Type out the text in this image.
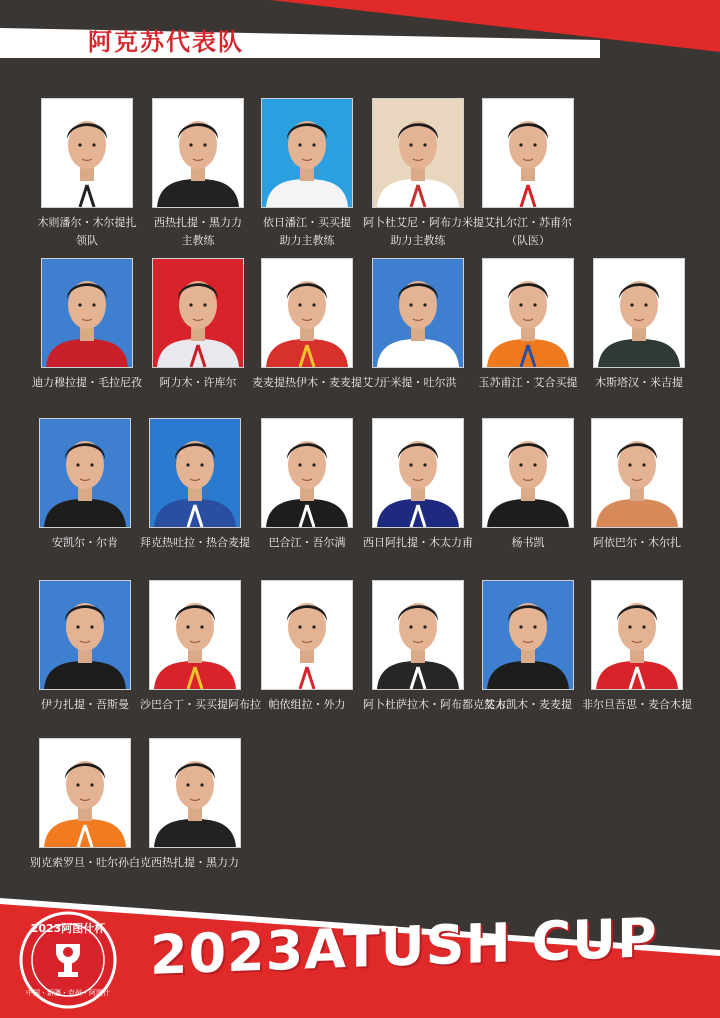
阿克苏代表队
木则潘尔・木尔提扎
领队
西热扎提・黑力力
主教练
依日潘江・买买提
助力主教练
阿卜杜艾尼・阿布力米提
助力主教练
艾扎尔江・苏甫尔
（队医）
迪力穆拉提・毛拉尼孜	阿力木・许库尔	麦麦提热伊木・麦麦提艾力
于米提・吐尔洪	玉苏甫江・艾合买提	木斯塔汉・米吉提
安凯尔・尔肯	拜克热吐拉・热合麦提	巴合江・吾尔满	西日阿扎提・木太力甫	杨书凯	阿依巴尔・木尔扎
伊力扎提・吾斯曼	沙巴合丁・买买提阿布拉 帕依组拉・外力	阿卜杜萨拉木・阿布都克然木
艾力凯木・麦麦提 非尔旦吾思・麦合木提
别克索罗旦・吐尔孙白克 西热扎提・黑力力
2023阿图什杯
中国・新疆・克州・阿图什
2023ATUSH CUP
